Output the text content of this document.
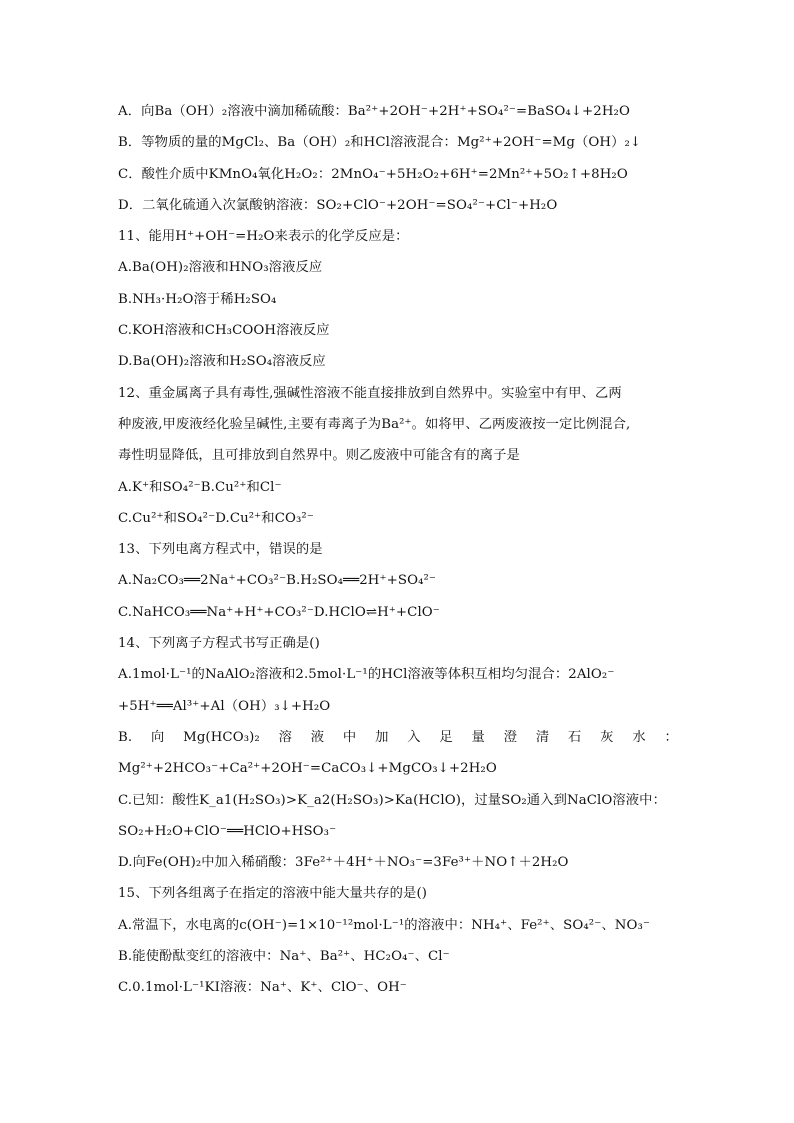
A．向Ba（OH）₂溶液中滴加稀硫酸：Ba²⁺+2OH⁻+2H⁺+SO₄²⁻=BaSO₄↓+2H₂O
B．等物质的量的MgCl₂、Ba（OH）₂和HCl溶液混合：Mg²⁺+2OH⁻=Mg（OH）₂↓
C．酸性介质中KMnO₄氧化H₂O₂：2MnO₄⁻+5H₂O₂+6H⁺=2Mn²⁺+5O₂↑+8H₂O
D．二氧化硫通入次氯酸钠溶液：SO₂+ClO⁻+2OH⁻=SO₄²⁻+Cl⁻+H₂O
11、能用H⁺+OH⁻=H₂O来表示的化学反应是：
A.Ba(OH)₂溶液和HNO₃溶液反应
B.NH₃·H₂O溶于稀H₂SO₄
C.KOH溶液和CH₃COOH溶液反应
D.Ba(OH)₂溶液和H₂SO₄溶液反应
12、重金属离子具有毒性,强碱性溶液不能直接排放到自然界中。实验室中有甲、乙两
种废液,甲废液经化验呈碱性,主要有毒离子为Ba²⁺。如将甲、乙两废液按一定比例混合,
毒性明显降低，且可排放到自然界中。则乙废液中可能含有的离子是
A.K⁺和SO₄²⁻B.Cu²⁺和Cl⁻
C.Cu²⁺和SO₄²⁻D.Cu²⁺和CO₃²⁻
13、下列电离方程式中，错误的是
A.Na₂CO₃══2Na⁺+CO₃²⁻B.H₂SO₄══2H⁺+SO₄²⁻
C.NaHCO₃══Na⁺+H⁺+CO₃²⁻D.HClO⇌H⁺+ClO⁻
14、下列离子方程式书写正确是()
A.1mol·L⁻¹的NaAlO₂溶液和2.5mol·L⁻¹的HCl溶液等体积互相均匀混合：2AlO₂⁻
+5H⁺══Al³⁺+Al（OH）₃↓+H₂O
B. 向 Mg(HCO₃)₂ 溶 液 中 加 入 足 量 澄 清 石 灰 水 ：
Mg²⁺+2HCO₃⁻+Ca²⁺+2OH⁻=CaCO₃↓+MgCO₃↓+2H₂O
C.已知：酸性K_a1(H₂SO₃)>K_a2(H₂SO₃)>Ka(HClO)，过量SO₂通入到NaClO溶液中：
SO₂+H₂O+ClO⁻══HClO+HSO₃⁻
D.向Fe(OH)₂中加入稀硝酸：3Fe²⁺＋4H⁺＋NO₃⁻=3Fe³⁺＋NO↑＋2H₂O
15、下列各组离子在指定的溶液中能大量共存的是()
A.常温下，水电离的c(OH⁻)=1×10⁻¹²mol·L⁻¹的溶液中：NH₄⁺、Fe²⁺、SO₄²⁻、NO₃⁻
B.能使酚酞变红的溶液中：Na⁺、Ba²⁺、HC₂O₄⁻、Cl⁻
C.0.1mol·L⁻¹KI溶液：Na⁺、K⁺、ClO⁻、OH⁻
